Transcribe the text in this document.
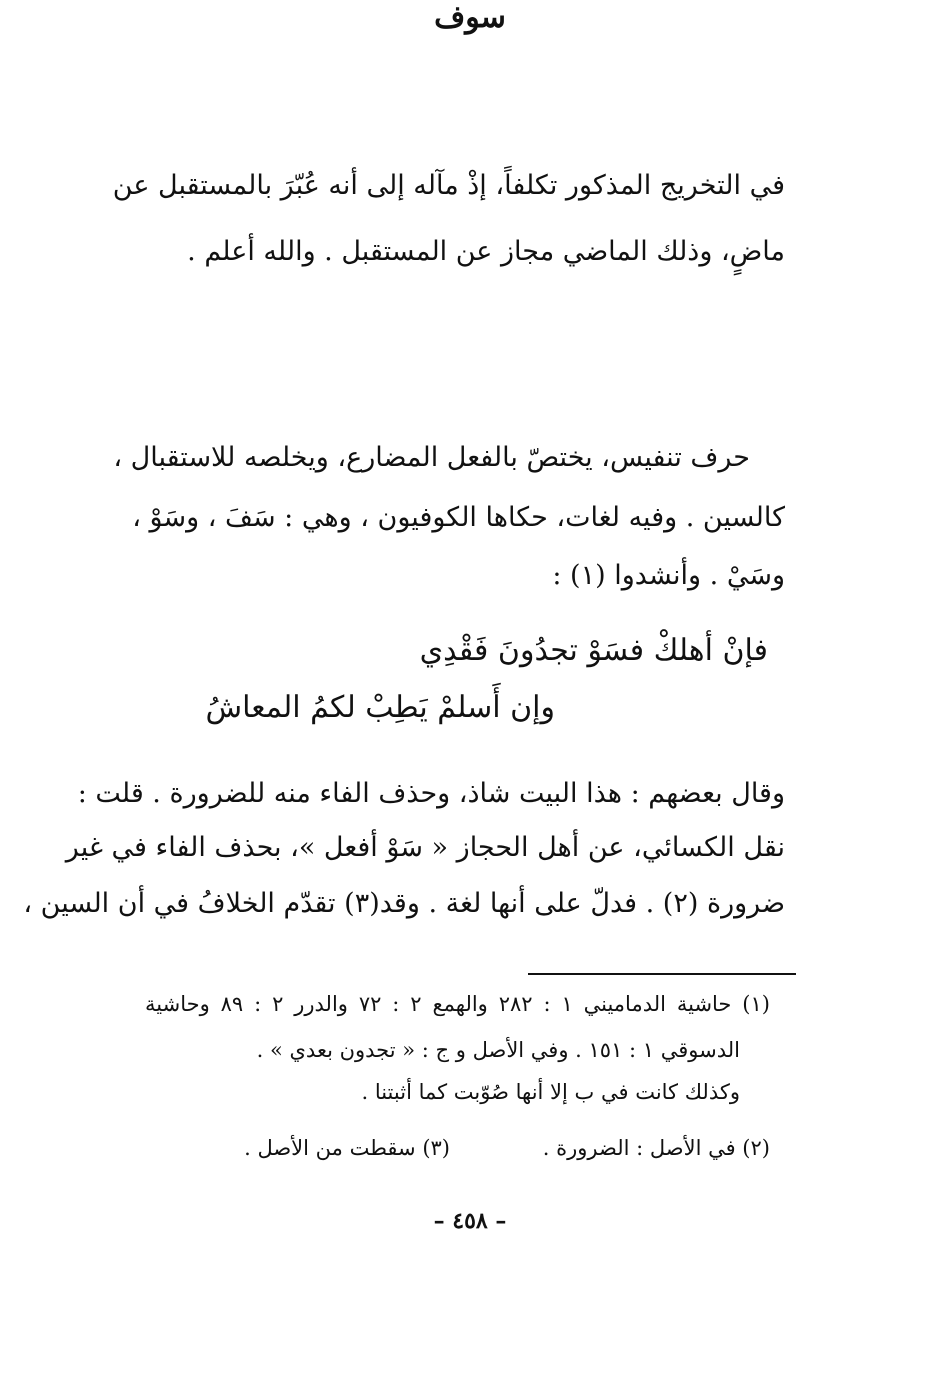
في التخريج المذكور تكلفاً، إذْ مآله إلى أنه عُبّرَ بالمستقبل عن
ماضٍ، وذلك الماضي مجاز عن المستقبل . والله أعلم .
سوف
حرف تنفيس، يختصّ بالفعل المضارع، ويخلصه للاستقبال ،
كالسين . وفيه لغات، حكاها الكوفيون ، وهي : سَفَ ، وسَوْ ،
وسَيْ . وأنشدوا (١) :
فإنْ أهلكْ فسَوْ تجدُونَ فَقْدِي
وإن أَسلمْ يَطِبْ لكمُ المعاشُ
وقال بعضهم : هذا البيت شاذ، وحذف الفاء منه للضرورة . قلت :
نقل الكسائي، عن أهل الحجاز « سَوْ أفعل »، بحذف الفاء في غير
ضرورة (٢) . فدلّ على أنها لغة . وقد(٣) تقدّم الخلافُ في أن السين ،
(١) حاشية الدماميني ١ : ٢٨٢ والهمع ٢ : ٧٢ والدرر ٢ : ٨٩ وحاشية
الدسوقي ١ : ١٥١ . وفي الأصل و ج : « تجدون بعدي » .
وكذلك كانت في ب إلا أنها صُوّبت كما أثبتنا .
(٢) في الأصل : الضرورة .
(٣) سقطت من الأصل .
– ٤٥٨ –
